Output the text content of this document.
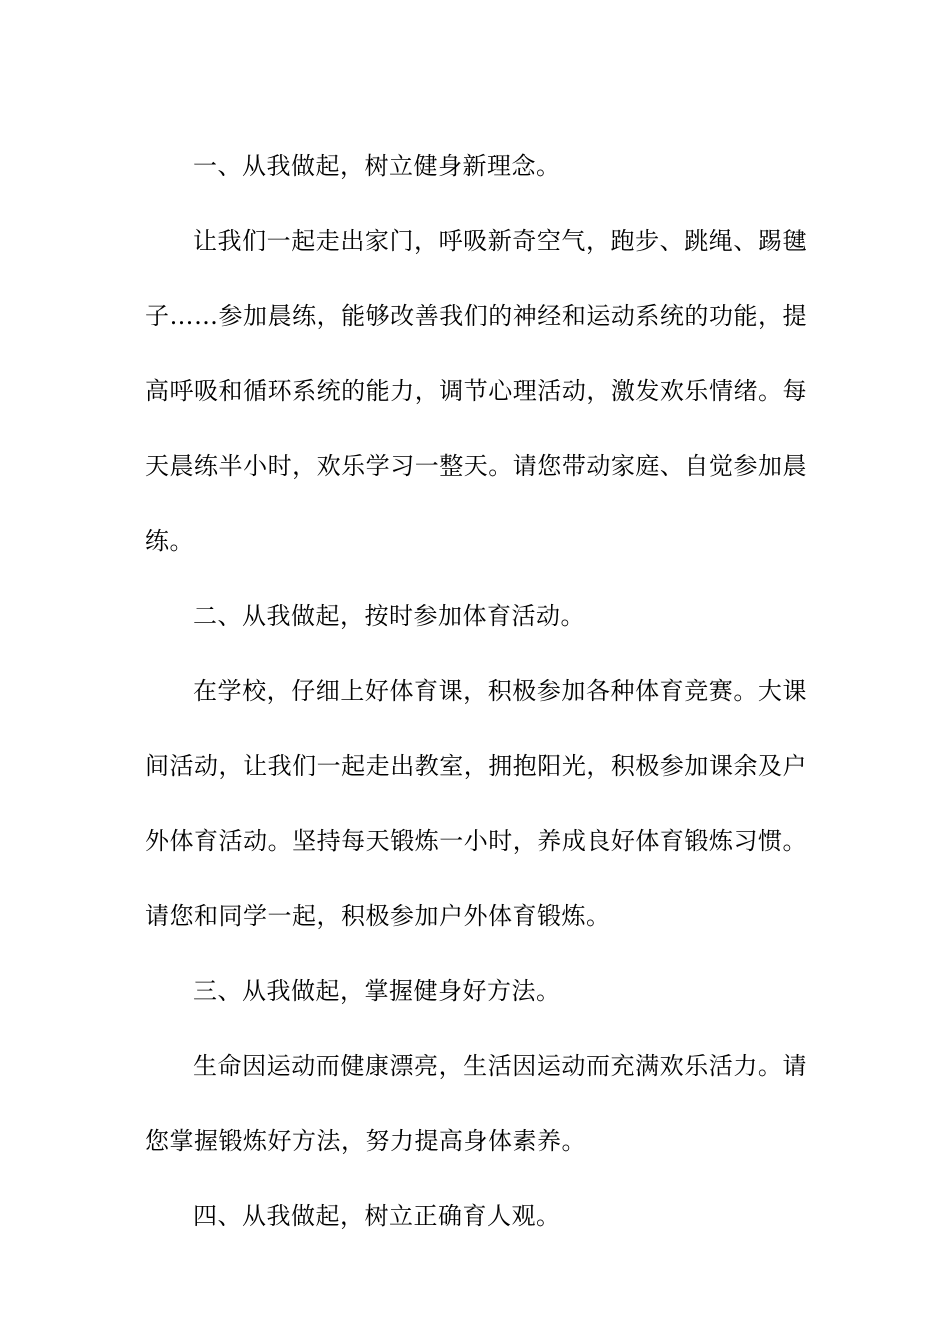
一、从我做起，树立健身新理念。

让我们一起走出家门，呼吸新奇空气，跑步、跳绳、踢毽子……参加晨练，能够改善我们的神经和运动系统的功能，提高呼吸和循环系统的能力，调节心理活动，激发欢乐情绪。每天晨练半小时，欢乐学习一整天。请您带动家庭、自觉参加晨练。

二、从我做起，按时参加体育活动。

在学校，仔细上好体育课，积极参加各种体育竞赛。大课间活动，让我们一起走出教室，拥抱阳光，积极参加课余及户外体育活动。坚持每天锻炼一小时，养成良好体育锻炼习惯。请您和同学一起，积极参加户外体育锻炼。

三、从我做起，掌握健身好方法。

生命因运动而健康漂亮，生活因运动而充满欢乐活力。请您掌握锻炼好方法，努力提高身体素养。

四、从我做起，树立正确育人观。
